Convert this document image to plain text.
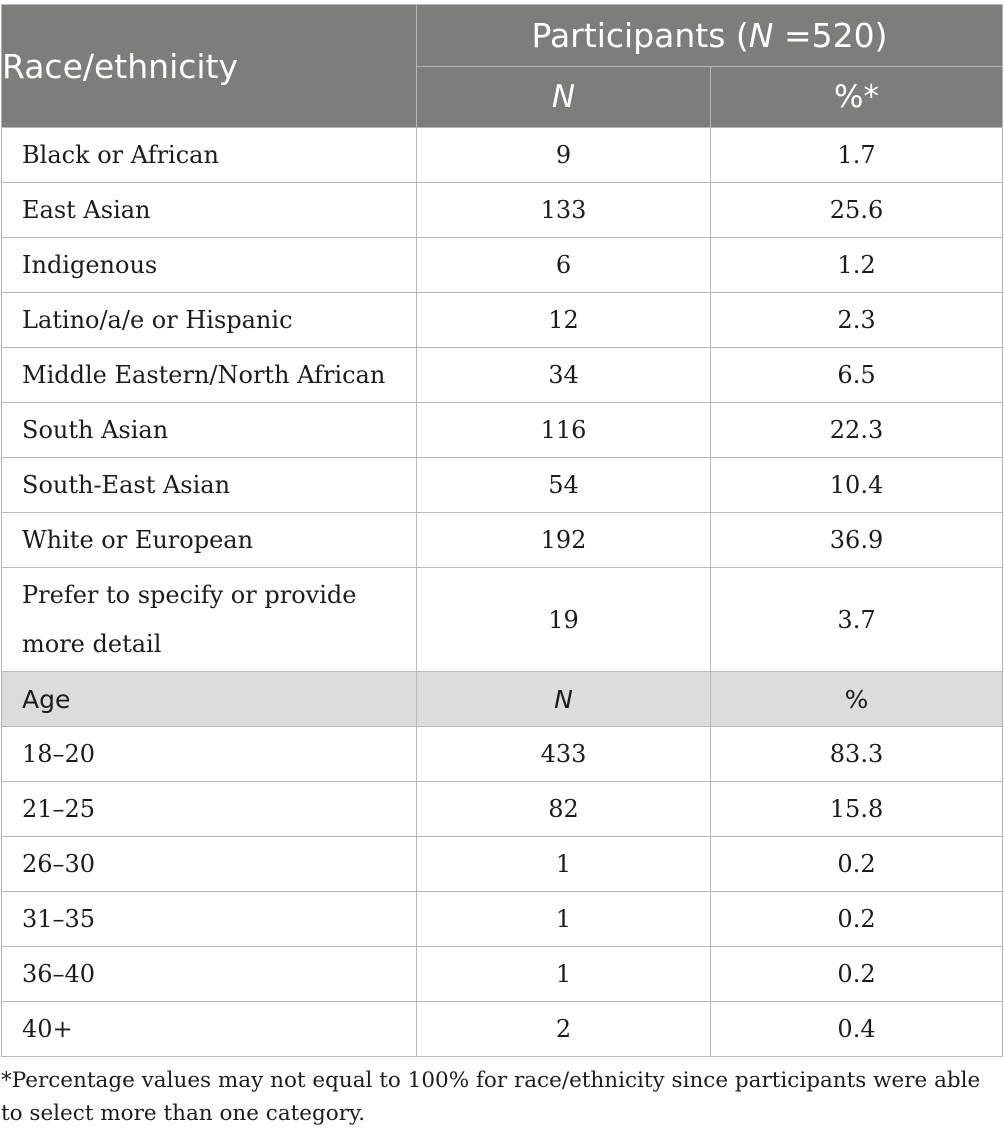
Race/ethnicity	Participants (N =520)	
	N	%*
Black or African	9	1.7
East Asian	133	25.6
Indigenous	6	1.2
Latino/a/e or Hispanic	12	2.3
Middle Eastern/North African	34	6.5
South Asian	116	22.3
South-East Asian	54	10.4
White or European	192	36.9
Prefer to specify or provide
more detail	19	3.7
Age	N	%
18–20	433	83.3
21–25	82	15.8
26–30	1	0.2
31–35	1	0.2
36–40	1	0.2
40+	2	0.4

*Percentage values may not equal to 100% for race/ethnicity since participants were able to select more than one category.
